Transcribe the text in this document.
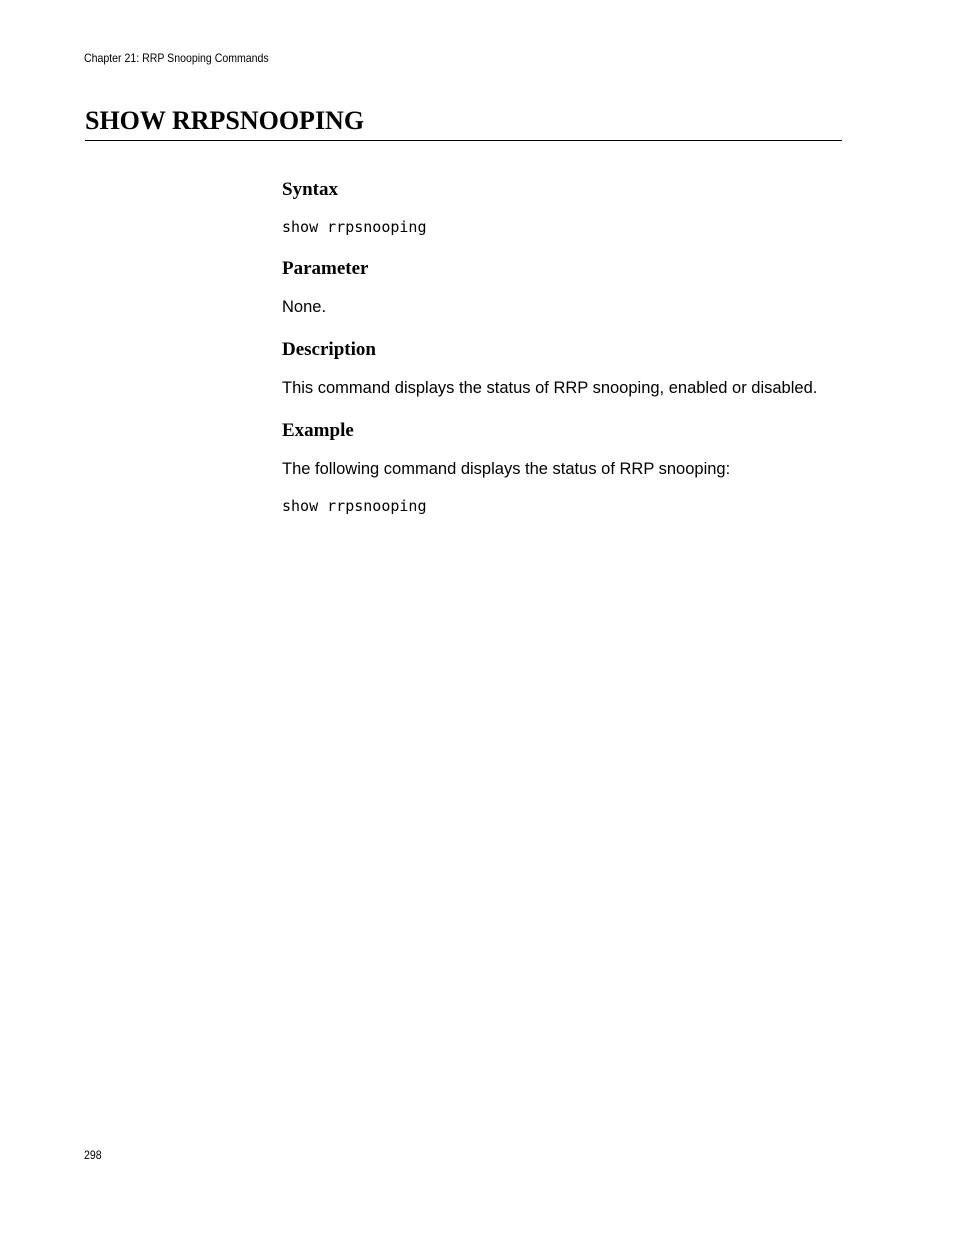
Chapter 21: RRP Snooping Commands
SHOW RRPSNOOPING
Syntax
show rrpsnooping
Parameter

None.

Description

This command displays the status of RRP snooping, enabled or disabled.

Example

The following command displays the status of RRP snooping:

show rrpsnooping
298
